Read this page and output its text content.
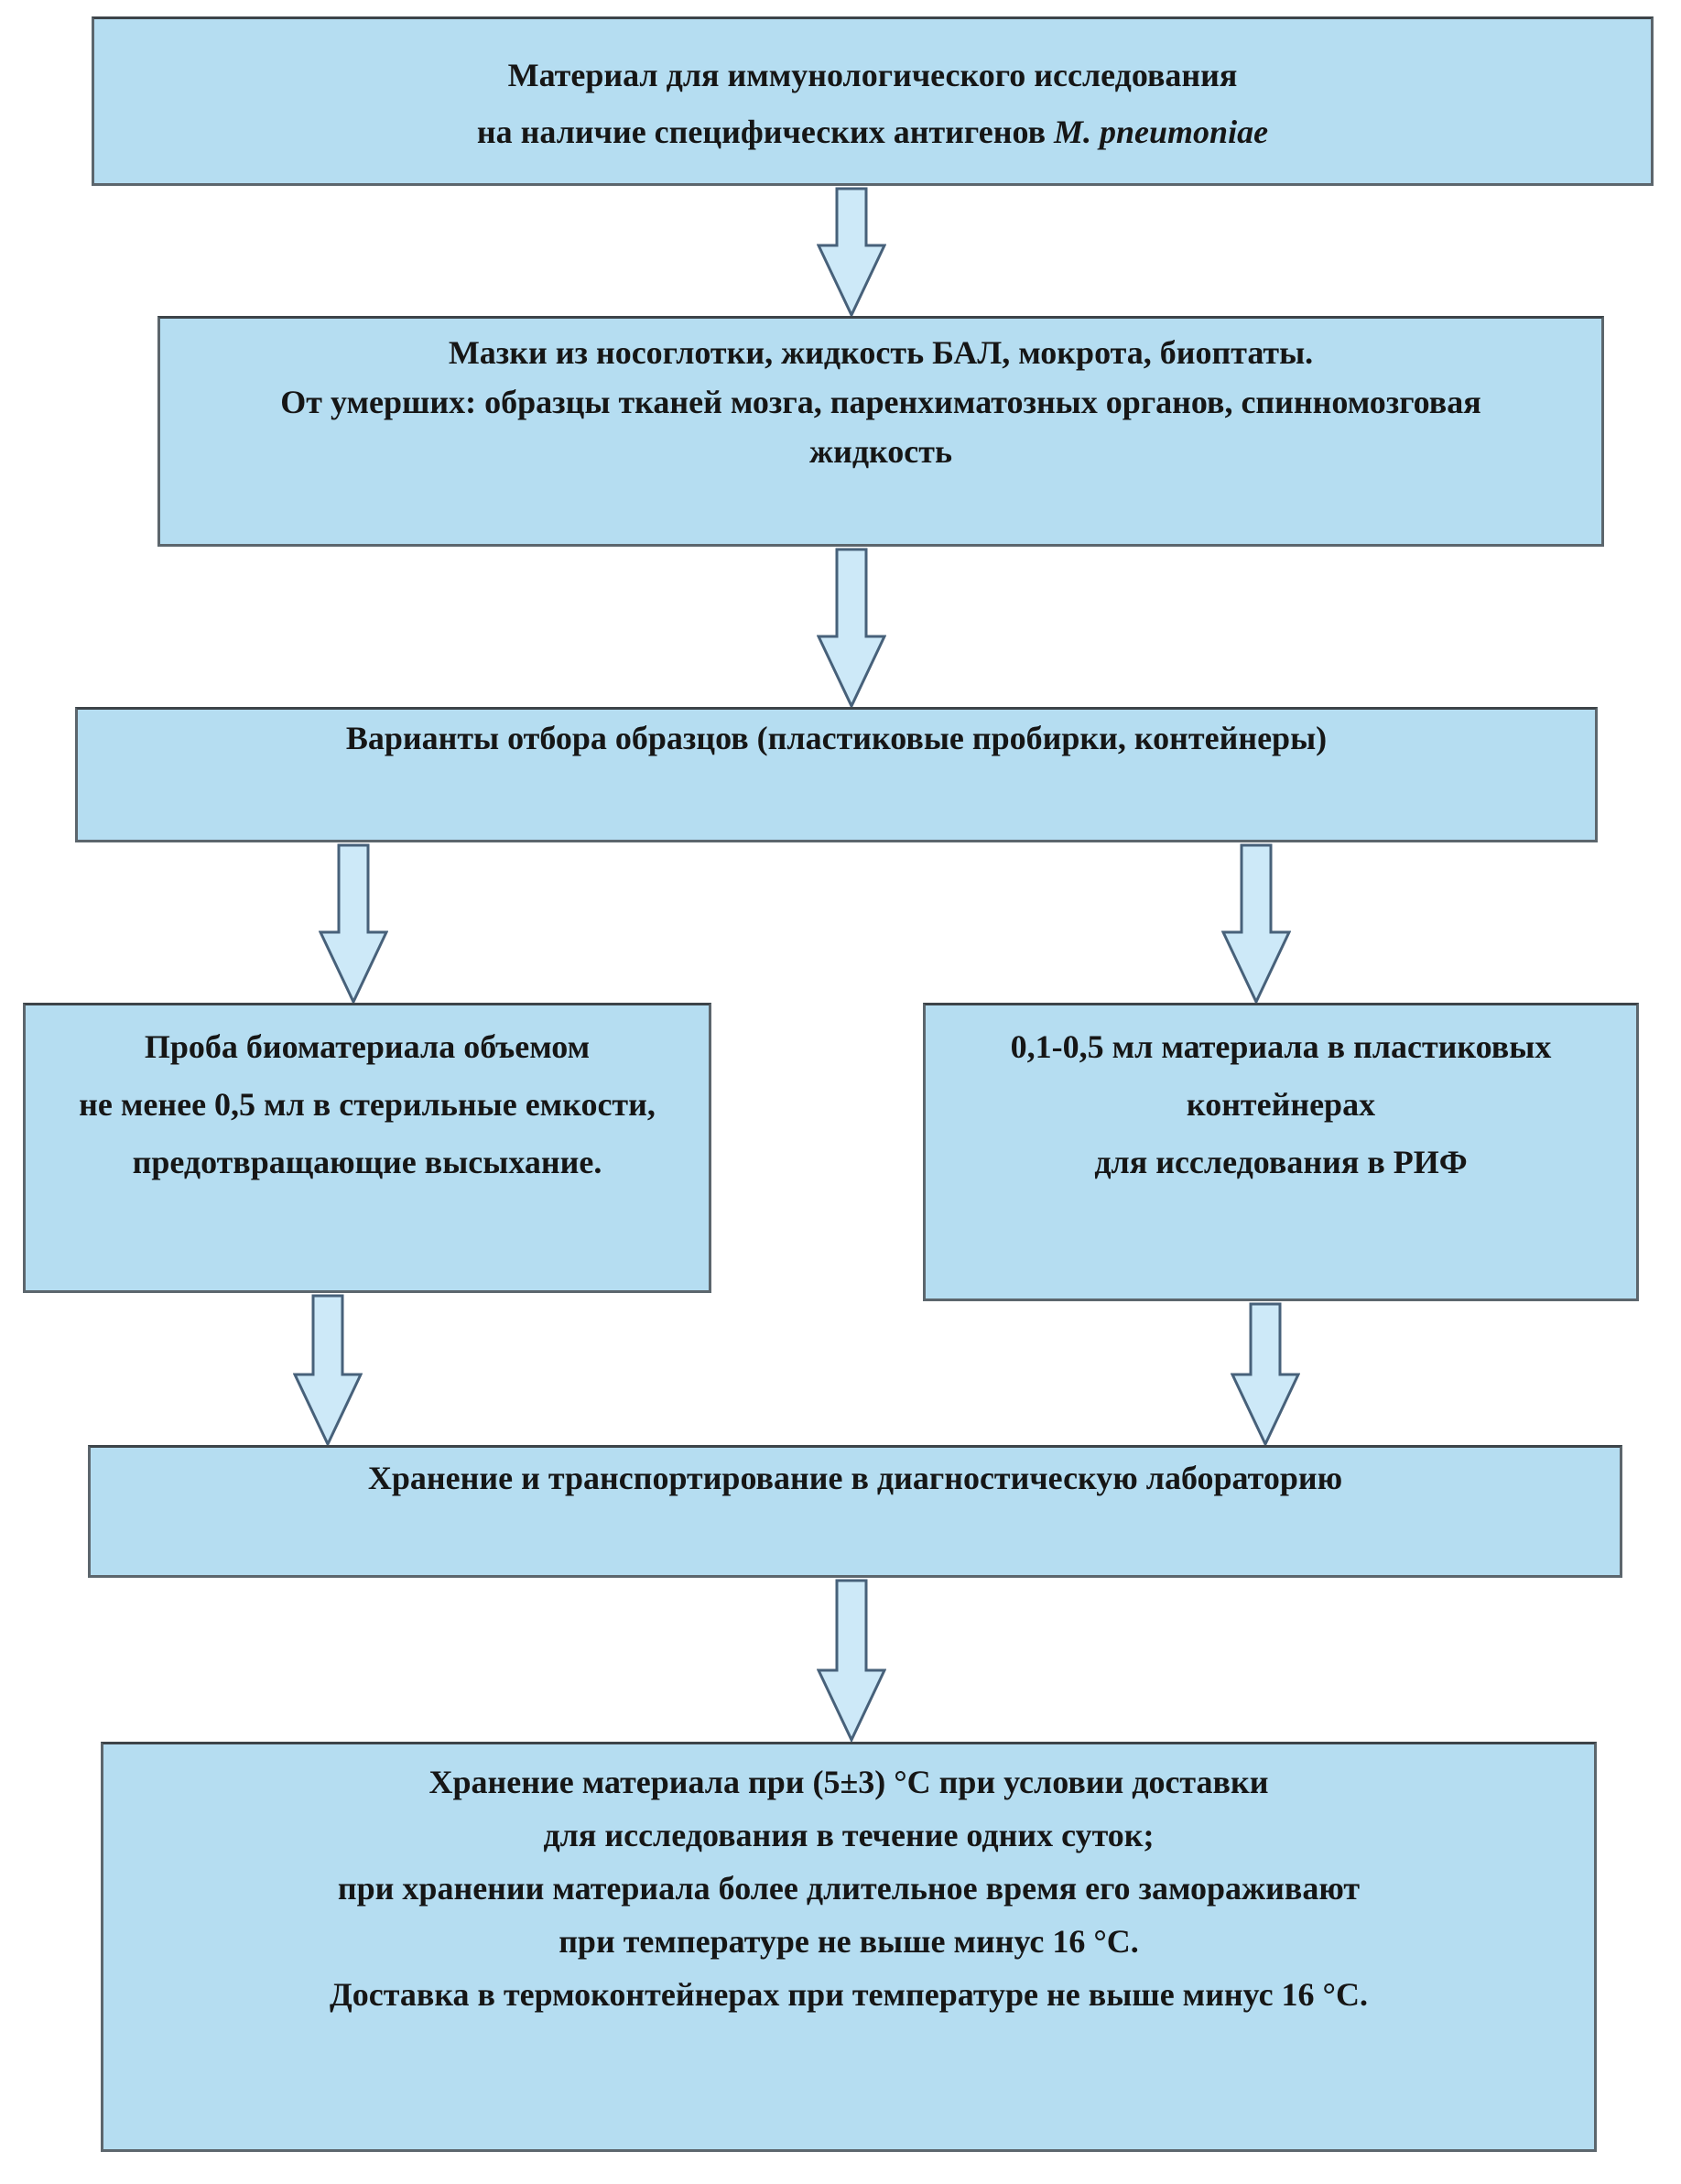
Материал для иммунологического исследования
на наличие специфических антигенов M. pneumoniae
Мазки из носоглотки, жидкость БАЛ, мокрота, биоптаты.
От умерших: образцы тканей мозга, паренхиматозных органов, спинномозговая
жидкость
Варианты отбора образцов (пластиковые пробирки, контейнеры)
Проба биоматериала объемом
не менее 0,5 мл в стерильные емкости,
предотвращающие высыхание.
0,1-0,5 мл материала в пластиковых
контейнерах
для исследования в РИФ
Хранение и транспортирование в диагностическую лабораторию
Хранение материала при (5±3) °С при условии доставки
для исследования в течение одних суток;
при хранении материала более длительное время его замораживают
при температуре не выше минус 16 °С.
Доставка в термоконтейнерах при температуре не выше минус 16 °С.
